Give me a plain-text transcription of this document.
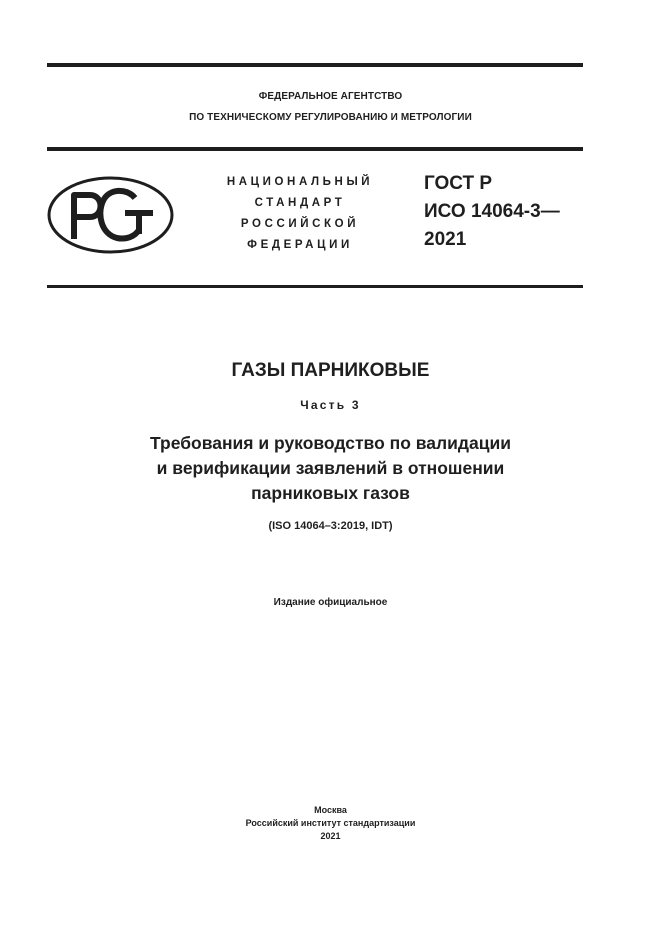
ФЕДЕРАЛЬНОЕ АГЕНТСТВО
ПО ТЕХНИЧЕСКОМУ РЕГУЛИРОВАНИЮ И МЕТРОЛОГИИ
НАЦИОНАЛЬНЫЙ
СТАНДАРТ
РОССИЙСКОЙ
ФЕДЕРАЦИИ
ГОСТ Р
ИСО 14064-3—
2021
ГАЗЫ ПАРНИКОВЫЕ
Часть 3
Требования и руководство по валидации
и верификации заявлений в отношении
парниковых газов
(ISO 14064–3:2019, IDT)
Издание официальное
Москва
Российский институт стандартизации
2021
